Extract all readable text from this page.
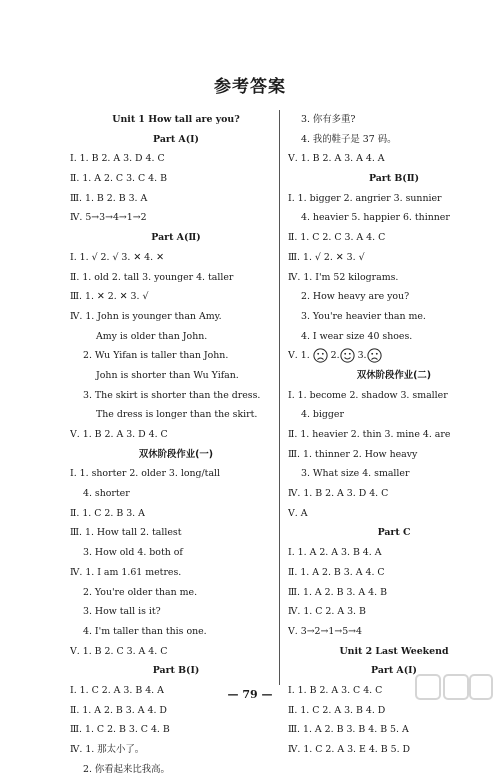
参考答案
Unit 1 How tall are you?
Part A(Ⅰ)
Ⅰ. 1. B 2. A 3. D 4. C
Ⅱ. 1. A 2. C 3. C 4. B
Ⅲ. 1. B 2. B 3. A
Ⅳ. 5→3→4→1→2
Part A(Ⅱ)
Ⅰ. 1. √ 2. √ 3. ✕ 4. ✕
Ⅱ. 1. old 2. tall 3. younger 4. taller
Ⅲ. 1. ✕ 2. ✕ 3. √
Ⅳ. 1. John is younger than Amy.
Amy is older than John.
2. Wu Yifan is taller than John.
John is shorter than Wu Yifan.
3. The skirt is shorter than the dress.
The dress is longer than the skirt.
Ⅴ. 1. B 2. A 3. D 4. C
双休阶段作业(一)
Ⅰ. 1. shorter 2. older 3. long/tall
4. shorter
Ⅱ. 1. C 2. B 3. A
Ⅲ. 1. How tall 2. tallest
3. How old 4. both of
Ⅳ. 1. I am 1.61 metres.
2. You're older than me.
3. How tall is it?
4. I'm taller than this one.
Ⅴ. 1. B 2. C 3. A 4. C
Part B(Ⅰ)
Ⅰ. 1. C 2. A 3. B 4. A
Ⅱ. 1. A 2. B 3. A 4. D
Ⅲ. 1. C 2. B 3. C 4. B
Ⅳ. 1. 那太小了。
2. 你看起来比我高。
3. 你有多重?
4. 我的鞋子是 37 码。
Ⅴ. 1. B 2. A 3. A 4. A
Part B(Ⅱ)
Ⅰ. 1. bigger 2. angrier 3. sunnier
4. heavier 5. happier 6. thinner
Ⅱ. 1. C 2. C 3. A 4. C
Ⅲ. 1. √ 2. ✕ 3. √
Ⅳ. 1. I'm 52 kilograms.
2. How heavy are you?
3. You're heavier than me.
4. I wear size 40 shoes.
Ⅴ. 1. 2. 3.
双休阶段作业(二)
Ⅰ. 1. become 2. shadow 3. smaller
4. bigger
Ⅱ. 1. heavier 2. thin 3. mine 4. are
Ⅲ. 1. thinner 2. How heavy
3. What size 4. smaller
Ⅳ. 1. B 2. A 3. D 4. C
Ⅴ. A
Part C
Ⅰ. 1. A 2. A 3. B 4. A
Ⅱ. 1. A 2. B 3. A 4. C
Ⅲ. 1. A 2. B 3. A 4. B
Ⅳ. 1. C 2. A 3. B
Ⅴ. 3→2→1→5→4
Unit 2 Last Weekend
Part A(Ⅰ)
Ⅰ. 1. B 2. A 3. C 4. C
Ⅱ. 1. C 2. A 3. B 4. D
Ⅲ. 1. A 2. B 3. B 4. B 5. A
Ⅳ. 1. C 2. A 3. E 4. B 5. D
— 79 —
